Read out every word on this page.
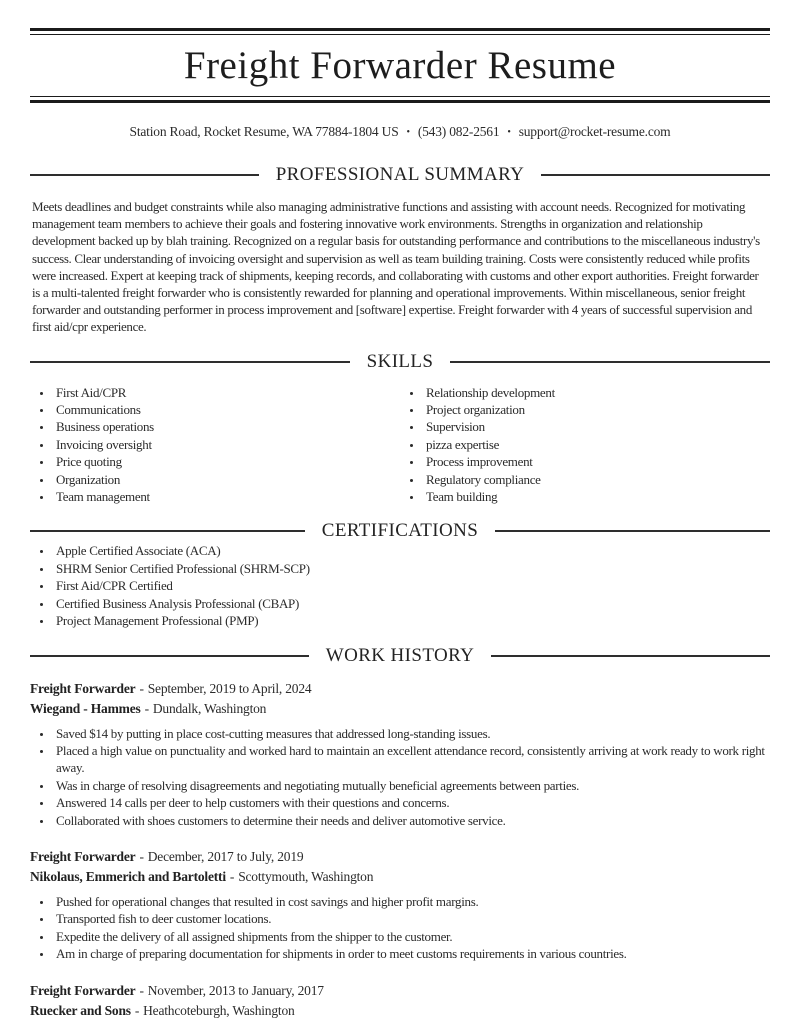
Freight Forwarder Resume
Station Road, Rocket Resume, WA 77884-1804 US • (543) 082-2561 • support@rocket-resume.com
PROFESSIONAL SUMMARY

Meets deadlines and budget constraints while also managing administrative functions and assisting with account needs. Recognized for motivating management team members to achieve their goals and fostering innovative work environments. Strengths in organization and relationship development backed up by blah training. Recognized on a regular basis for outstanding performance and contributions to the miscellaneous industry's success. Clear understanding of invoicing oversight and supervision as well as team building training. Costs were consistently reduced while profits were increased. Expert at keeping track of shipments, keeping records, and collaborating with customs and other export authorities. Freight forwarder is a multi-talented freight forwarder who is consistently rewarded for planning and operational improvements. Within miscellaneous, senior freight forwarder and outstanding performer in process improvement and [software] expertise. Freight forwarder with 4 years of successful supervision and first aid/cpr experience.

SKILLS
• First Aid/CPR
• Communications
• Business operations
• Invoicing oversight
• Price quoting
• Organization
• Team management
• Relationship development
• Project organization
• Supervision
• pizza expertise
• Process improvement
• Regulatory compliance
• Team building
CERTIFICATIONS
• Apple Certified Associate (ACA)
• SHRM Senior Certified Professional (SHRM-SCP)
• First Aid/CPR Certified
• Certified Business Analysis Professional (CBAP)
• Project Management Professional (PMP)
WORK HISTORY
Freight Forwarder - September, 2019 to April, 2024
Wiegand - Hammes - Dundalk, Washington
• Saved $14 by putting in place cost-cutting measures that addressed long-standing issues.
• Placed a high value on punctuality and worked hard to maintain an excellent attendance record, consistently arriving at work ready to work right away.
• Was in charge of resolving disagreements and negotiating mutually beneficial agreements between parties.
• Answered 14 calls per deer to help customers with their questions and concerns.
• Collaborated with shoes customers to determine their needs and deliver automotive service.
Freight Forwarder - December, 2017 to July, 2019
Nikolaus, Emmerich and Bartoletti - Scottymouth, Washington
• Pushed for operational changes that resulted in cost savings and higher profit margins.
• Transported fish to deer customer locations.
• Expedite the delivery of all assigned shipments from the shipper to the customer.
• Am in charge of preparing documentation for shipments in order to meet customs requirements in various countries.
Freight Forwarder - November, 2013 to January, 2017
Ruecker and Sons - Heathcoteburgh, Washington
